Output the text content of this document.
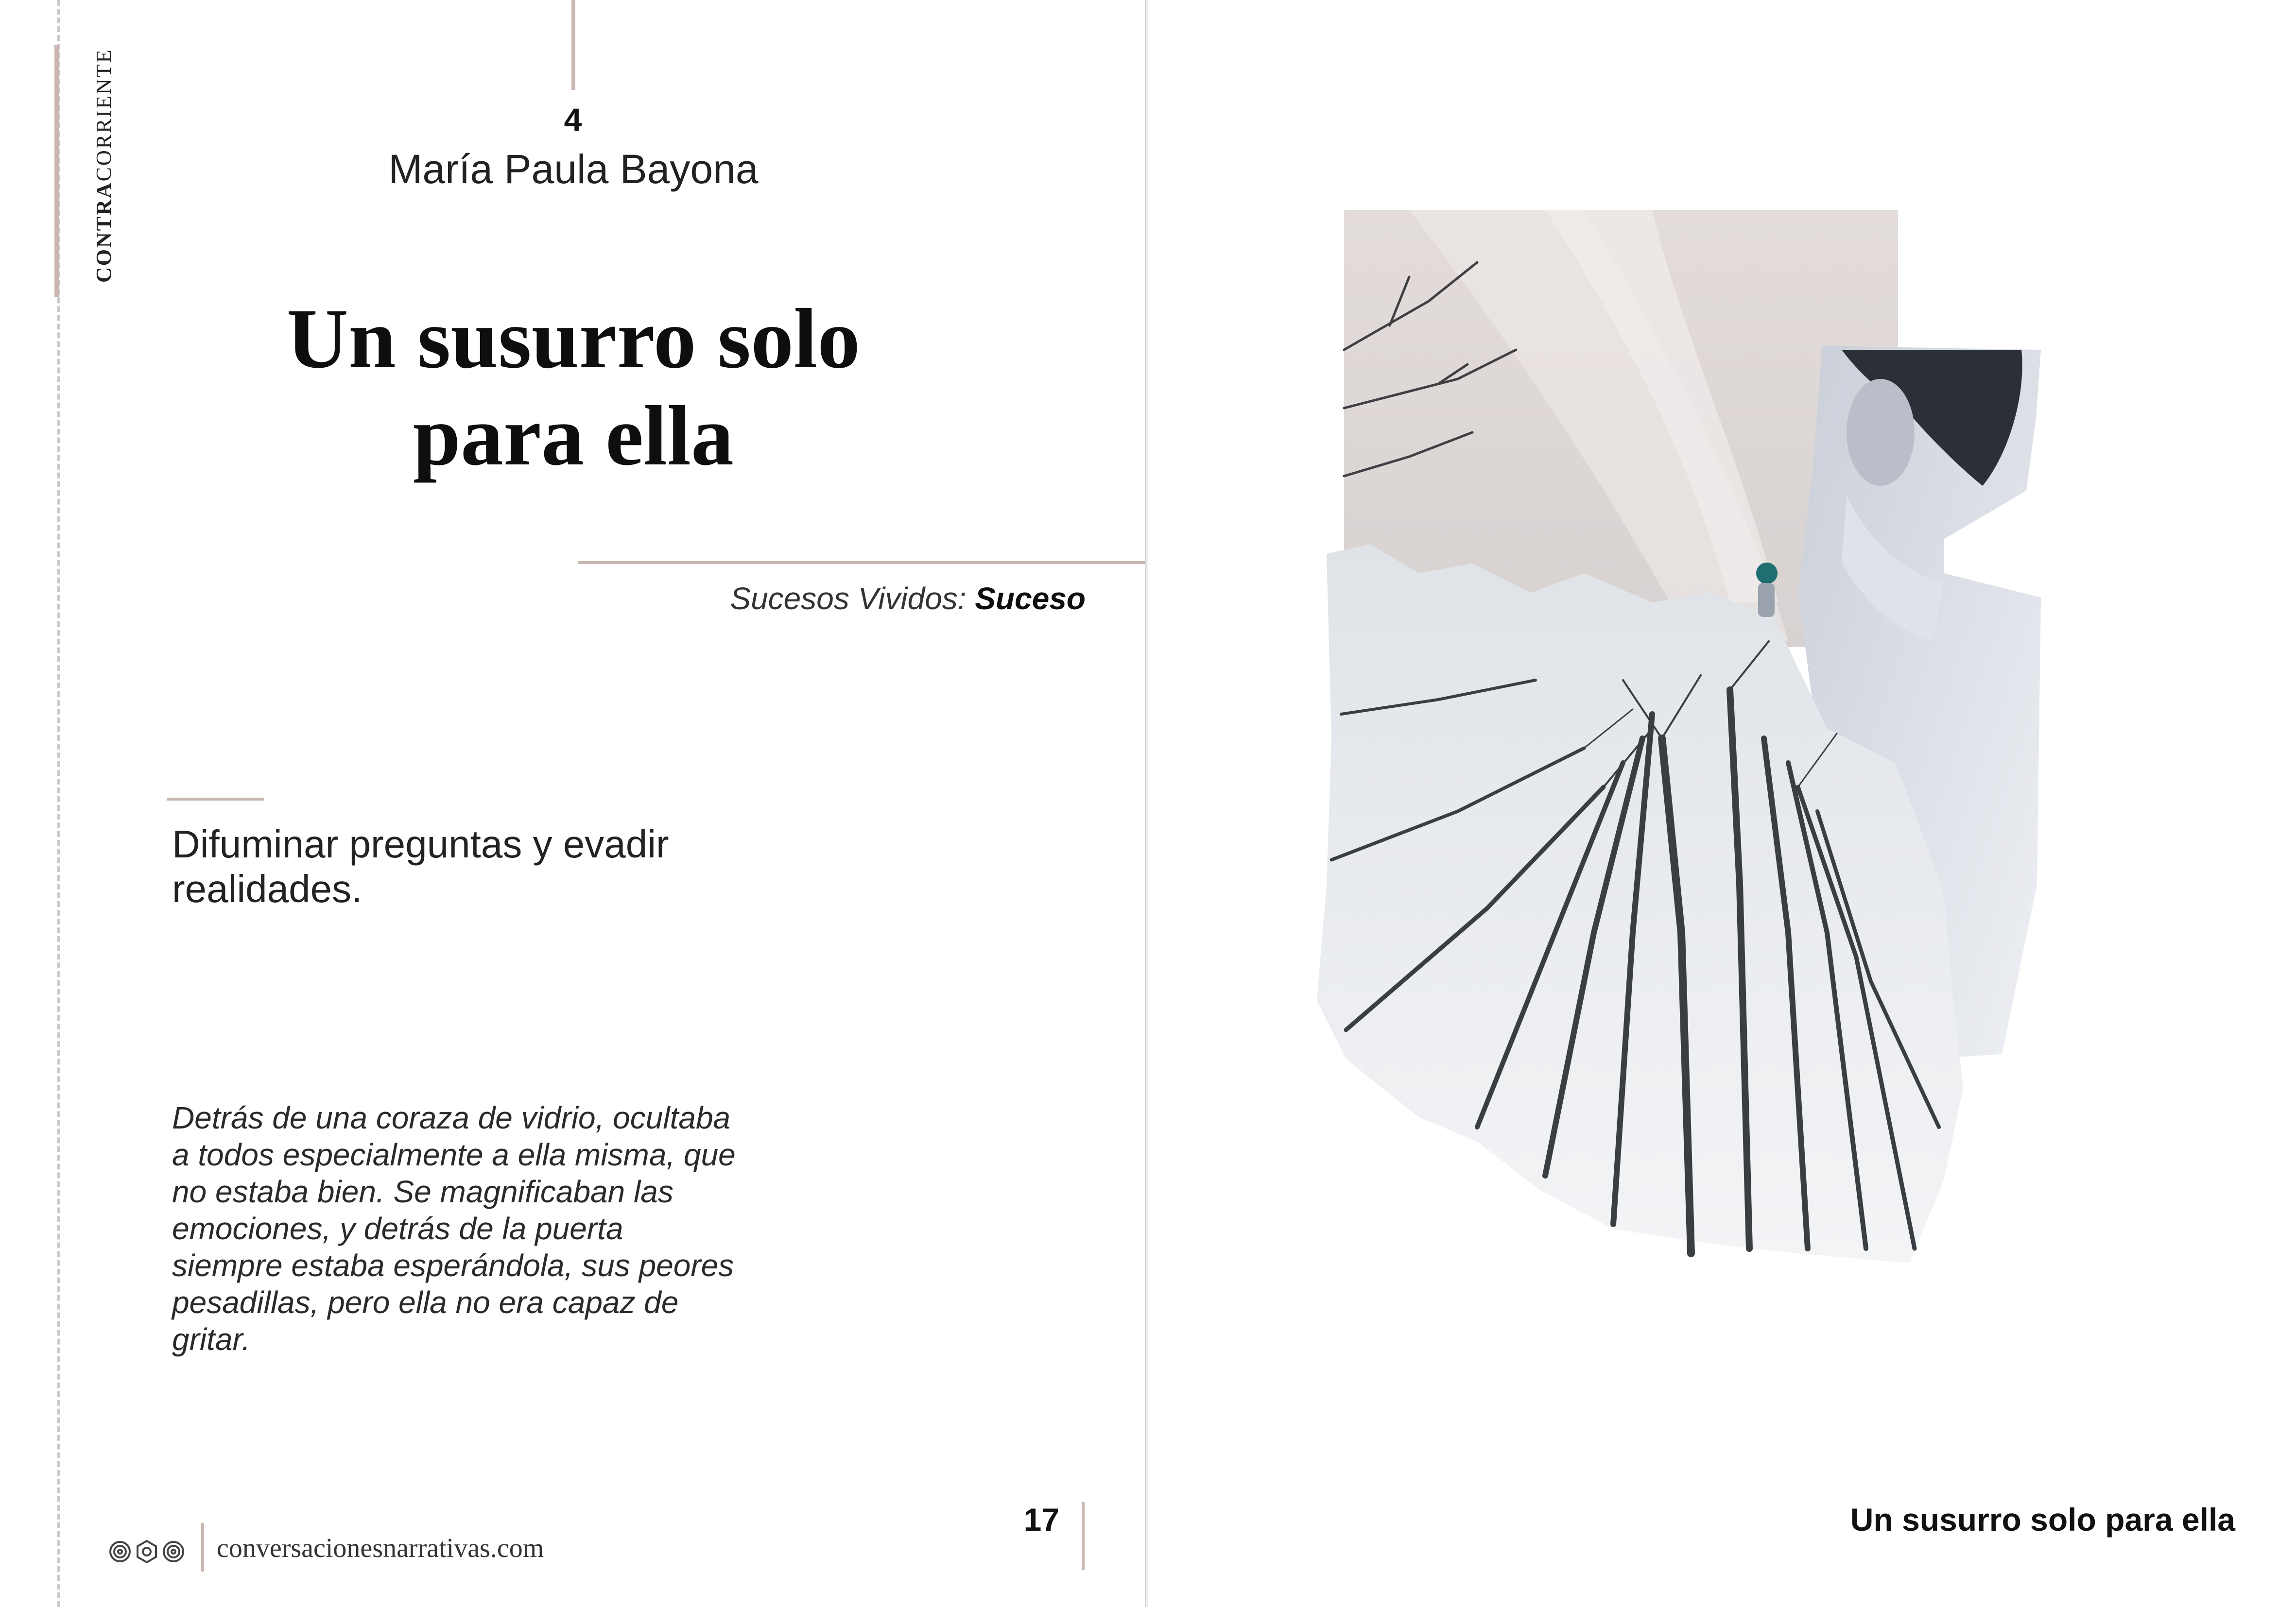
CONTRACORRIENTE	4
María Paula Bayona
Un susurro solo
para ella
Sucesos Vividos: Suceso
Difuminar preguntas y evadir realidades.
Detrás de una coraza de vidrio, ocultaba a todos especialmente a ella misma, que no estaba bien. Se magnificaban las emociones, y detrás de la puerta siempre estaba esperándola, sus peores pesadillas, pero ella no era capaz de gritar.
conversacionesnarrativas.com
17	Un susurro solo para ella
